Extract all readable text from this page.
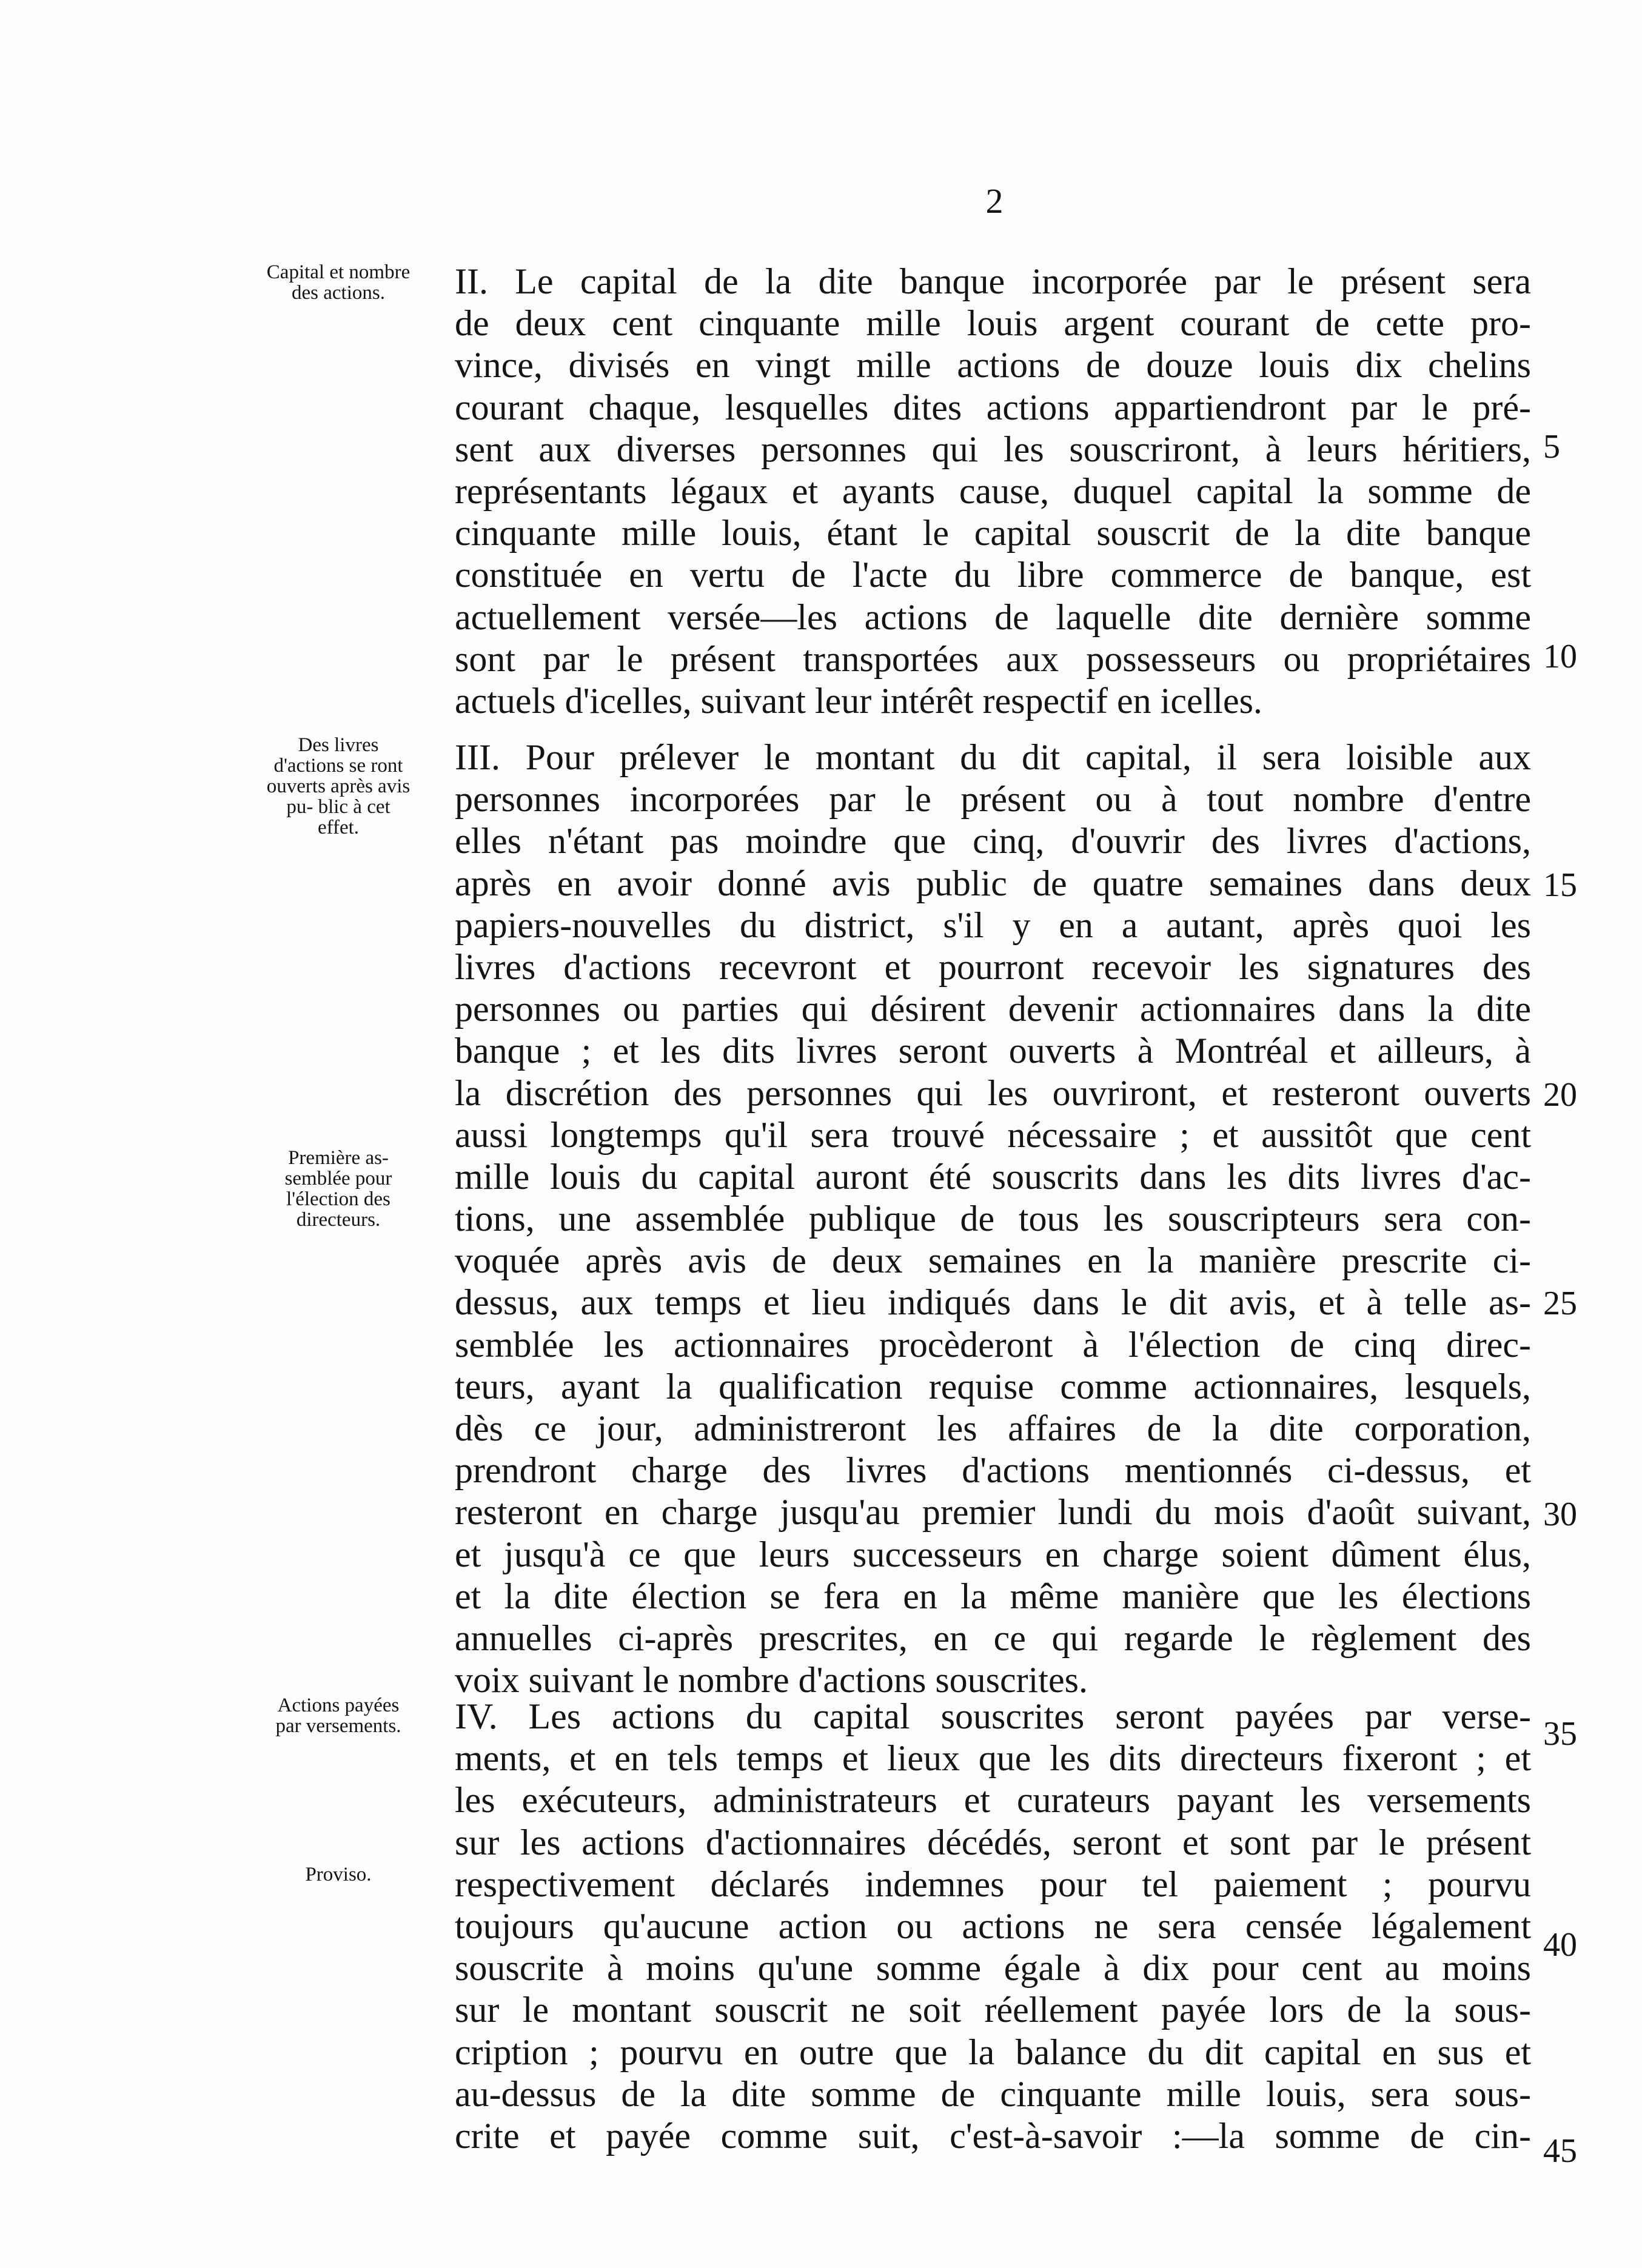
2
Capital et nombre des actions.
Des livres d'actions se ront ouverts après avis pu- blic à cet effet.
Première as- semblée pour l'élection des directeurs.
Actions payées par versements.
Proviso.
II. Le capital de la dite banque incorporée par le présent sera
de deux cent cinquante mille louis argent courant de cette pro-
vince, divisés en vingt mille actions de douze louis dix chelins
courant chaque, lesquelles dites actions appartiendront par le pré-
sent aux diverses personnes qui les souscriront, à leurs héritiers,
représentants légaux et ayants cause, duquel capital la somme de
cinquante mille louis, étant le capital souscrit de la dite banque
constituée en vertu de l'acte du libre commerce de banque, est
actuellement versée—les actions de laquelle dite dernière somme
sont par le présent transportées aux possesseurs ou propriétaires
actuels d'icelles, suivant leur intérêt respectif en icelles.
III. Pour prélever le montant du dit capital, il sera loisible aux
personnes incorporées par le présent ou à tout nombre d'entre
elles n'étant pas moindre que cinq, d'ouvrir des livres d'actions,
après en avoir donné avis public de quatre semaines dans deux
papiers-nouvelles du district, s'il y en a autant, après quoi les
livres d'actions recevront et pourront recevoir les signatures des
personnes ou parties qui désirent devenir actionnaires dans la dite
banque ; et les dits livres seront ouverts à Montréal et ailleurs, à
la discrétion des personnes qui les ouvriront, et resteront ouverts
aussi longtemps qu'il sera trouvé nécessaire ; et aussitôt que cent
mille louis du capital auront été souscrits dans les dits livres d'ac-
tions, une assemblée publique de tous les souscripteurs sera con-
voquée après avis de deux semaines en la manière prescrite ci-
dessus, aux temps et lieu indiqués dans le dit avis, et à telle as-
semblée les actionnaires procèderont à l'élection de cinq direc-
teurs, ayant la qualification requise comme actionnaires, lesquels,
dès ce jour, administreront les affaires de la dite corporation,
prendront charge des livres d'actions mentionnés ci-dessus, et
resteront en charge jusqu'au premier lundi du mois d'août suivant,
et jusqu'à ce que leurs successeurs en charge soient dûment élus,
et la dite élection se fera en la même manière que les élections
annuelles ci-après prescrites, en ce qui regarde le règlement des
voix suivant le nombre d'actions souscrites.
IV. Les actions du capital souscrites seront payées par verse-
ments, et en tels temps et lieux que les dits directeurs fixeront ; et
les exécuteurs, administrateurs et curateurs payant les versements
sur les actions d'actionnaires décédés, seront et sont par le présent
respectivement déclarés indemnes pour tel paiement ; pourvu
toujours qu'aucune action ou actions ne sera censée légalement
souscrite à moins qu'une somme égale à dix pour cent au moins
sur le montant souscrit ne soit réellement payée lors de la sous-
cription ; pourvu en outre que la balance du dit capital en sus et
au-dessus de la dite somme de cinquante mille louis, sera sous-
crite et payée comme suit, c'est-à-savoir :—la somme de cin-
5
10
15
20
25
30
35
40
45
